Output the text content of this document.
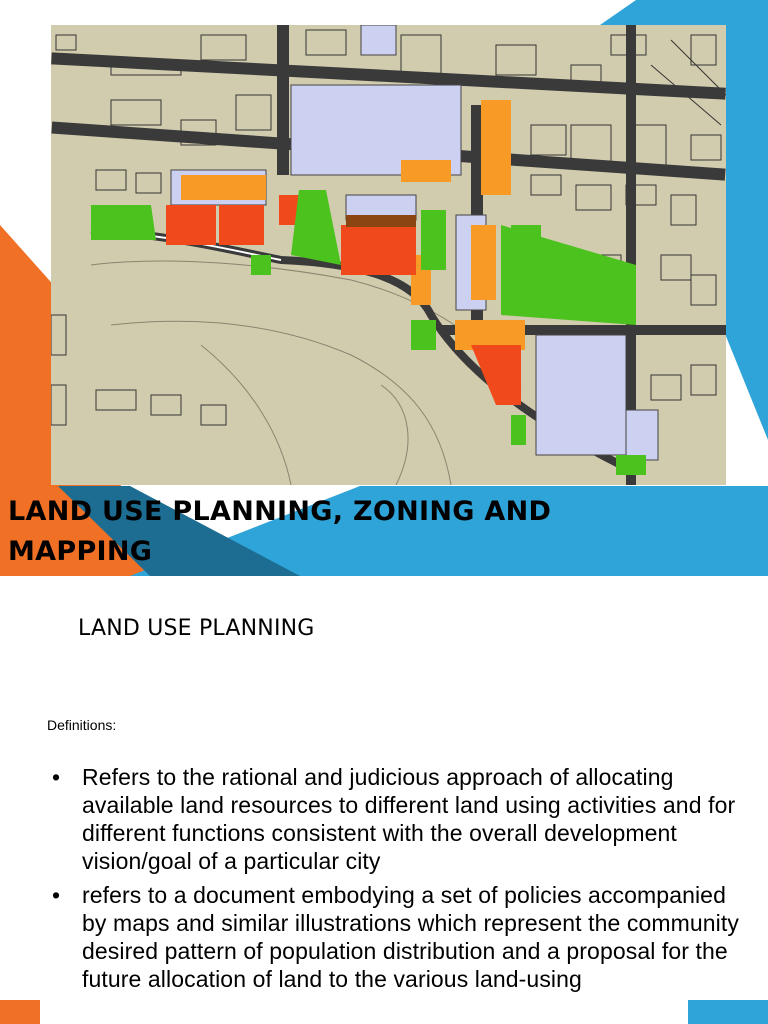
LAND USE PLANNING, ZONING AND
MAPPING
LAND USE PLANNING
Definitions:
• Refers to the rational and judicious approach of allocating available land resources to different land using activities and for different functions consistent with the overall development vision/goal of a particular city
• refers to a document embodying a set of policies accompanied by maps and similar illustrations which represent the community desired pattern of population distribution and a proposal for the future allocation of land to the various land-using
